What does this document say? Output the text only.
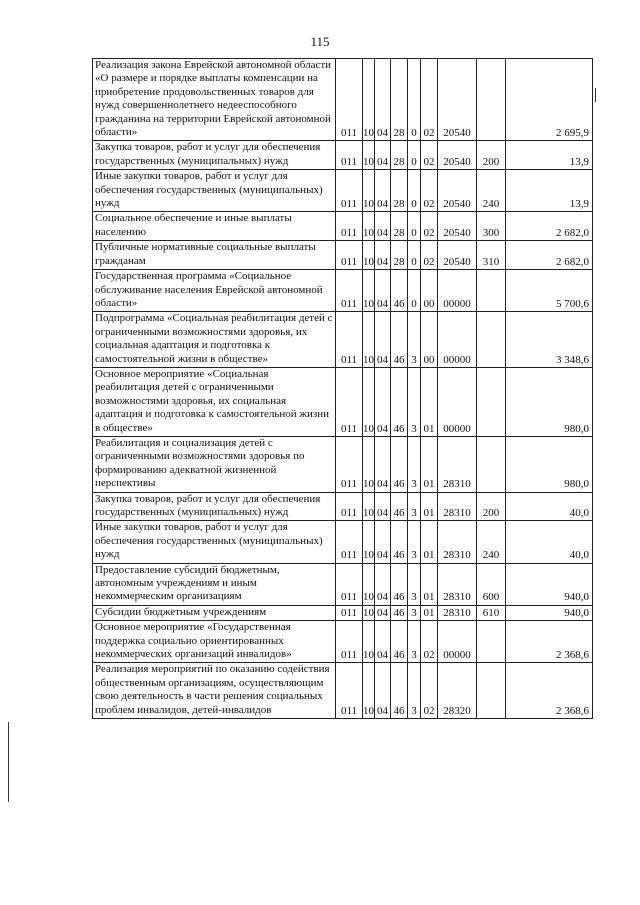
115
Реализация закона Еврейской автономной области «О размере и порядке выплаты компенсации на приобретение продовольственных товаров для нужд совершеннолетнего недееспособного гражданина на территории Еврейской автономной области»	011	10	04	28	0	02	20540		2 695,9
Закупка товаров, работ и услуг для обеспечения государственных (муниципальных) нужд	011	10	04	28	0	02	20540	200	13,9
Иные закупки товаров, работ и услуг для обеспечения государственных (муниципальных) нужд	011	10	04	28	0	02	20540	240	13,9
Социальное обеспечение и иные выплаты населению	011	10	04	28	0	02	20540	300	2 682,0
Публичные нормативные социальные выплаты гражданам	011	10	04	28	0	02	20540	310	2 682,0
Государственная программа «Социальное обслуживание населения Еврейской автономной области»	011	10	04	46	0	00	00000		5 700,6
Подпрограмма «Социальная реабилитация детей с ограниченными возможностями здоровья, их социальная адаптация и подготовка к самостоятельной жизни в обществе»	011	10	04	46	3	00	00000		3 348,6
Основное мероприятие «Социальная реабилитация детей с ограниченными возможностями здоровья, их социальная адаптация и подготовка к самостоятельной жизни в обществе»	011	10	04	46	3	01	00000		980,0
Реабилитация и социализация детей с ограниченными возможностями здоровья по формированию адекватной жизненной перспективы	011	10	04	46	3	01	28310		980,0
Закупка товаров, работ и услуг для обеспечения государственных (муниципальных) нужд	011	10	04	46	3	01	28310	200	40,0
Иные закупки товаров, работ и услуг для обеспечения государственных (муниципальных) нужд	011	10	04	46	3	01	28310	240	40,0
Предоставление субсидий бюджетным, автономным учреждениям и иным некоммерческим организациям	011	10	04	46	3	01	28310	600	940,0
Субсидии бюджетным учреждениям	011	10	04	46	3	01	28310	610	940,0
Основное мероприятие «Государственная поддержка социально ориентированных некоммерческих организаций инвалидов»	011	10	04	46	3	02	00000		2 368,6
Реализация мероприятий по оказанию содействия общественным организациям, осуществляющим свою деятельность в части решения социальных проблем инвалидов, детей-инвалидов	011	10	04	46	3	02	28320		2 368,6
